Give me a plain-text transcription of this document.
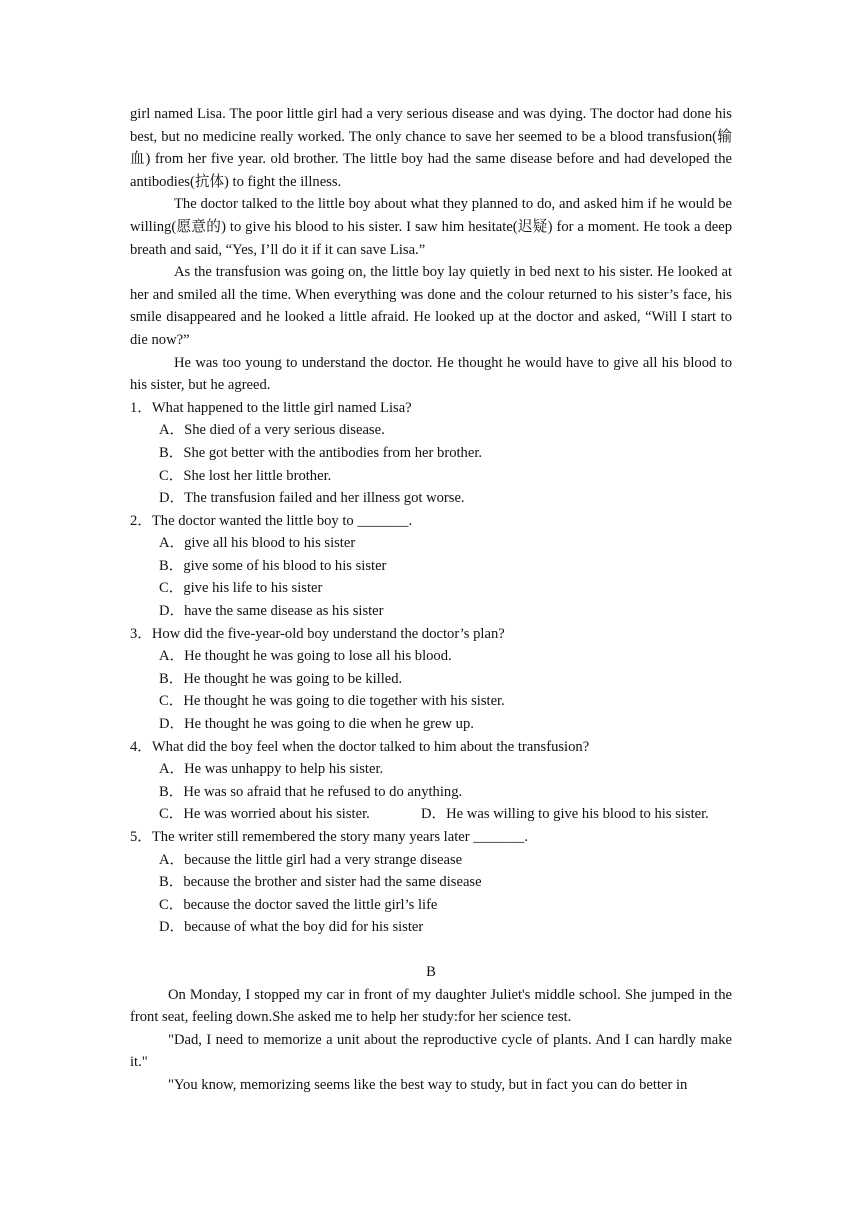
girl named Lisa. The poor little girl had a very serious disease and was dying. The doctor had done his best, but no medicine really worked. The only chance to save her seemed to be a blood transfusion(输血) from her five year. old brother. The little boy had the same disease before and had developed the antibodies(抗体) to fight the illness.

The doctor talked to the little boy about what they planned to do, and asked him if he would be willing(愿意的) to give his blood to his sister. I saw him hesitate(迟疑) for a moment. He took a deep breath and said, “Yes, I’ll do it if it can save Lisa.”

As the transfusion was going on, the little boy lay quietly in bed next to his sister. He looked at her and smiled all the time. When everything was done and the colour returned to his sister’s face, his smile disappeared and he looked a little afraid. He looked up at the doctor and asked, “Will I start to die now?”

He was too young to understand the doctor. He thought he would have to give all his blood to his sister, but he agreed.

1．What happened to the little girl named Lisa?

A．She died of a very serious disease.

B．She got better with the antibodies from her brother.

C．She lost her little brother.

D．The transfusion failed and her illness got worse.

2．The doctor wanted the little boy to _______.

A．give all his blood to his sister

B．give some of his blood to his sister

C．give his life to his sister

D．have the same disease as his sister

3．How did the five-year-old boy understand the doctor’s plan?

A．He thought he was going to lose all his blood.

B．He thought he was going to be killed.

C．He thought he was going to die together with his sister.

D．He thought he was going to die when he grew up.

4．What did the boy feel when the doctor talked to him about the transfusion?

A．He was unhappy to help his sister.

B．He was so afraid that he refused to do anything.

C．He was worried about his sister.	D．He was willing to give his blood to his sister.

5．The writer still remembered the story many years later _______.

A．because the little girl had a very strange disease

B．because the brother and sister had the same disease

C．because the doctor saved the little girl’s life

D．because of what the boy did for his sister

B

On Monday, I stopped my car in front of my daughter Juliet's middle school. She jumped in the front seat, feeling down.She asked me to help her study:for her science test.

"Dad, I need to memorize a unit about the reproductive cycle of plants. And I can hardly make it."

"You know, memorizing seems like the best way to study, but in fact you can do better in
